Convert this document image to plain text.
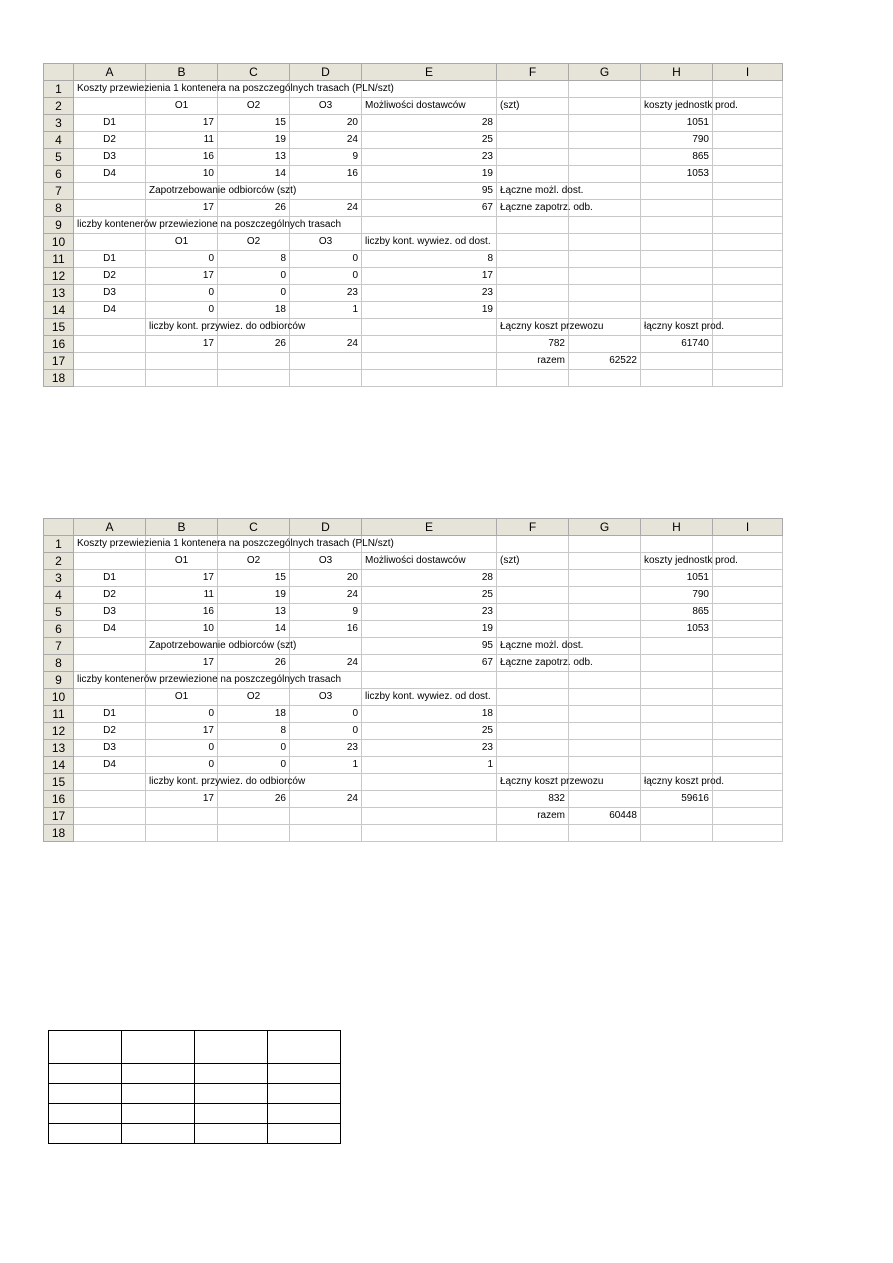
	A	B	C	D	E	F	G	H	I
1	Koszty przewiezienia 1 kontenera na poszczególnych trasach (PLN/szt)								

2		O1	O2	O3	Możliwości dostawców	(szt)		koszty jednostk prod.	

3	D1	17	15	20	28			1051	
4	D2	11	19	24	25			790	
5	D3	16	13	9	23			865	
6	D4	10	14	16	19			1053	
7		Zapotrzebowanie odbiorców (szt)			95	Łączne możl. dost.			

8		17	26	24	67	Łączne zapotrz. odb.			

9	liczby kontenerów przewiezione na poszczególnych trasach								

10		O1	O2	O3	liczby kont. wywiez. od dost.				

11	D1	0	8	0	8				
12	D2	17	0	0	17				
13	D3	0	0	23	23				
14	D4	0	18	1	19				
15		liczby kont. przywiez. do odbiorców				Łączny koszt przewozu		łączny koszt prod.	

16		17	26	24		782		61740	
17						razem	62522		
18									
	A	B	C	D	E	F	G	H	I
1	Koszty przewiezienia 1 kontenera na poszczególnych trasach (PLN/szt)								

2		O1	O2	O3	Możliwości dostawców	(szt)		koszty jednostk prod.	

3	D1	17	15	20	28			1051	
4	D2	11	19	24	25			790	
5	D3	16	13	9	23			865	
6	D4	10	14	16	19			1053	
7		Zapotrzebowanie odbiorców (szt)			95	Łączne możl. dost.			

8		17	26	24	67	Łączne zapotrz. odb.			

9	liczby kontenerów przewiezione na poszczególnych trasach								

10		O1	O2	O3	liczby kont. wywiez. od dost.				

11	D1	0	18	0	18				
12	D2	17	8	0	25				
13	D3	0	0	23	23				
14	D4	0	0	1	1				
15		liczby kont. przywiez. do odbiorców				Łączny koszt przewozu		łączny koszt prod.	

16		17	26	24		832		59616	
17						razem	60448		
18									
